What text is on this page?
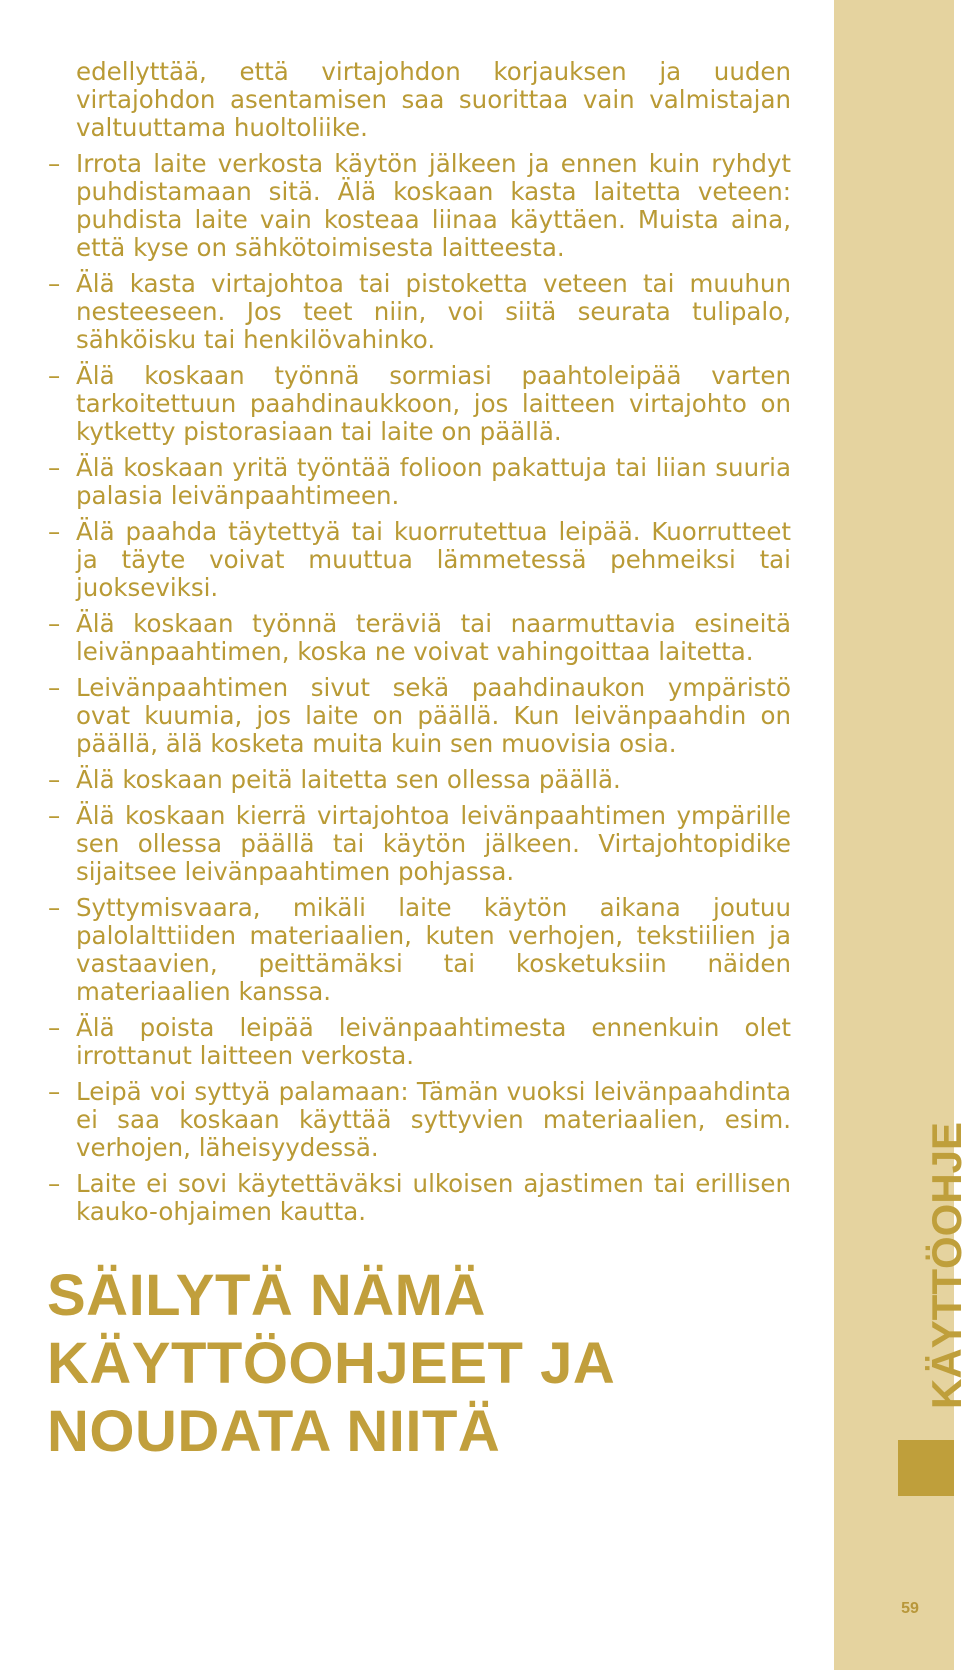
edellyttää, että virtajohdon korjauksen ja uuden virtajohdon asentamisen saa suorittaa vain valmistajan valtuuttama huoltoliike.

– Irrota laite verkosta käytön jälkeen ja ennen kuin ryhdyt puhdistamaan sitä. Älä koskaan kasta laitetta veteen: puhdista laite vain kosteaa liinaa käyttäen. Muista aina, että kyse on sähkötoimisesta laitteesta.
– Älä kasta virtajohtoa tai pistoketta veteen tai muuhun nesteeseen. Jos teet niin, voi siitä seurata tulipalo, sähköisku tai henkilövahinko.
– Älä koskaan työnnä sormiasi paahtoleipää varten tarkoitettuun paahdinaukkoon, jos laitteen virtajohto on kytketty pistorasiaan tai laite on päällä.
– Älä koskaan yritä työntää folioon pakattuja tai liian suuria palasia leivänpaahtimeen.
– Älä paahda täytettyä tai kuorrutettua leipää. Kuorrutteet ja täyte voivat muuttua lämmetessä pehmeiksi tai juokseviksi.
– Älä koskaan työnnä teräviä tai naarmuttavia esineitä leivänpaahtimen, koska ne voivat vahingoittaa laitetta.
– Leivänpaahtimen sivut sekä paahdinaukon ympäristö ovat kuumia, jos laite on päällä. Kun leivänpaahdin on päällä, älä kosketa muita kuin sen muovisia osia.
– Älä koskaan peitä laitetta sen ollessa päällä.
– Älä koskaan kierrä virtajohtoa leivänpaahtimen ympärille sen ollessa päällä tai käytön jälkeen. Virtajohtopidike sijaitsee leivänpaahtimen pohjassa.
– Syttymisvaara, mikäli laite käytön aikana joutuu palolalttiiden materiaalien, kuten verhojen, tekstiilien ja vastaavien, peittämäksi tai kosketuksiin näiden materiaalien kanssa.
– Älä poista leipää leivänpaahtimesta ennenkuin olet irrottanut laitteen verkosta.
– Leipä voi syttyä palamaan: Tämän vuoksi leivänpaahdinta ei saa koskaan käyttää syttyvien materiaalien, esim. verhojen, läheisyydessä.
– Laite ei sovi käytettäväksi ulkoisen ajastimen tai erillisen kauko-ohjaimen kautta.
SÄILYTÄ NÄMÄ
KÄYTTÖOHJEET JA
NOUDATA NIITÄ
KÄYTTÖOHJE
59
